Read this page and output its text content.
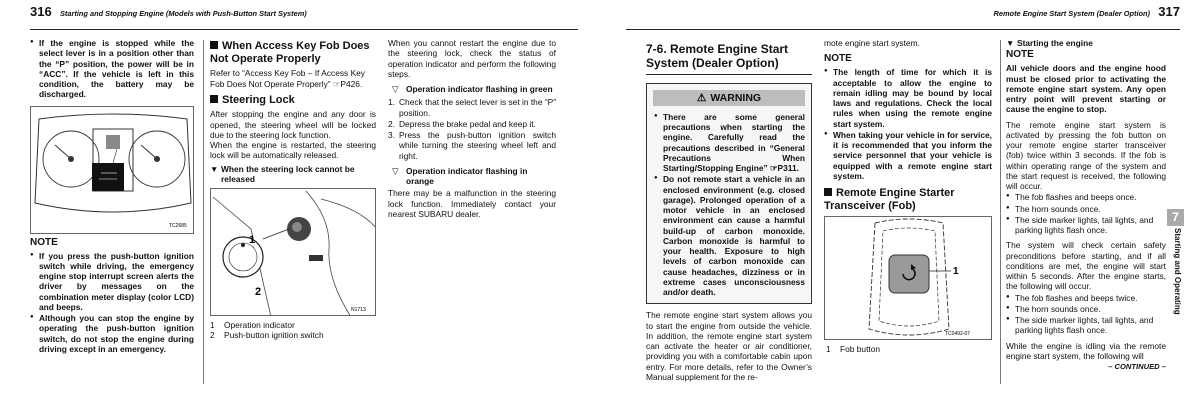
316 Starting and Stopping Engine (Models with Push-Button Start System)
● If the engine is stopped while the select lever is in a position other than the “P” position, the power will be in “ACC”. If the vehicle is left in this condition, the battery may be discharged.
TC2685
NOTE
● If you press the push-button ignition switch while driving, the emergency engine stop interrupt screen alerts the driver by messages on the combination meter display (color LCD) and beeps.
● Although you can stop the engine by operating the push-button ignition switch, do not stop the engine during driving except in an emergency.
When Access Key Fob Does Not Operate Properly

Refer to “Access Key Fob – If Access Key Fob Does Not Operate Properly” ☞P426.

Steering Lock

After stopping the engine and any door is opened, the steering wheel will be locked due to the steering lock function.

When the engine is restarted, the steering lock will be automatically released.

▼ When the steering lock cannot be released
1
2
N1713
1 Operation indicator
2 Push-button ignition switch

When you cannot restart the engine due to the steering lock, check the status of operation indicator and perform the following steps.

▽ Operation indicator flashing in green
1. Check that the select lever is set in the “P” position.
2. Depress the brake pedal and keep it.
3. Press the push-button ignition switch while turning the steering wheel left and right.
▽ Operation indicator flashing in orange

There may be a malfunction in the steering lock function. Immediately contact your nearest SUBARU dealer.

Remote Engine Start System (Dealer Option) 317
7-6. Remote Engine Start System (Dealer Option)
⚠ WARNING
● There are some general precautions when starting the engine. Carefully read the precautions described in “General Precautions When Starting/Stopping Engine” ☞P311.
● Do not remote start a vehicle in an enclosed environment (e.g. closed garage). Prolonged operation of a motor vehicle in an enclosed environment can cause a harmful build-up of carbon monoxide. Carbon monoxide is harmful to your health. Exposure to high levels of carbon monoxide can cause headaches, dizziness or in extreme cases unconsciousness and/or death.

The remote engine start system allows you to start the engine from outside the vehicle. In addition, the remote engine start system can activate the heater or air conditioner, providing you with a comfortable cabin upon entry. For more details, refer to the Owner’s Manual supplement for the re-

mote engine start system.

NOTE
● The length of time for which it is acceptable to allow the engine to remain idling may be bound by local laws and regulations. Check the local rules when using the remote engine start system.
● When taking your vehicle in for service, it is recommended that you inform the service personnel that your vehicle is equipped with a remote engine start system.
Remote Engine Starter Transceiver (Fob)
1
TC0492-07
1 Fob button
▼ Starting the engine
NOTE

All vehicle doors and the engine hood must be closed prior to activating the remote engine start system. Any open entry point will prevent starting or cause the engine to stop.

The remote engine start system is activated by pressing the fob button on your remote engine starter transceiver (fob) twice within 3 seconds. If the fob is within operating range of the system and the start request is received, the following will occur.

● The fob flashes and beeps once.
● The horn sounds once.
● The side marker lights, tail lights, and parking lights flash once.

The system will check certain safety preconditions before starting, and if all conditions are met, the engine will start within 5 seconds. After the engine starts, the following will occur.

● The fob flashes and beeps twice.
● The horn sounds once.
● The side marker lights, tail lights, and parking lights flash once.

While the engine is idling via the remote engine start system, the following will

– CONTINUED –
7
Starting and Operating
